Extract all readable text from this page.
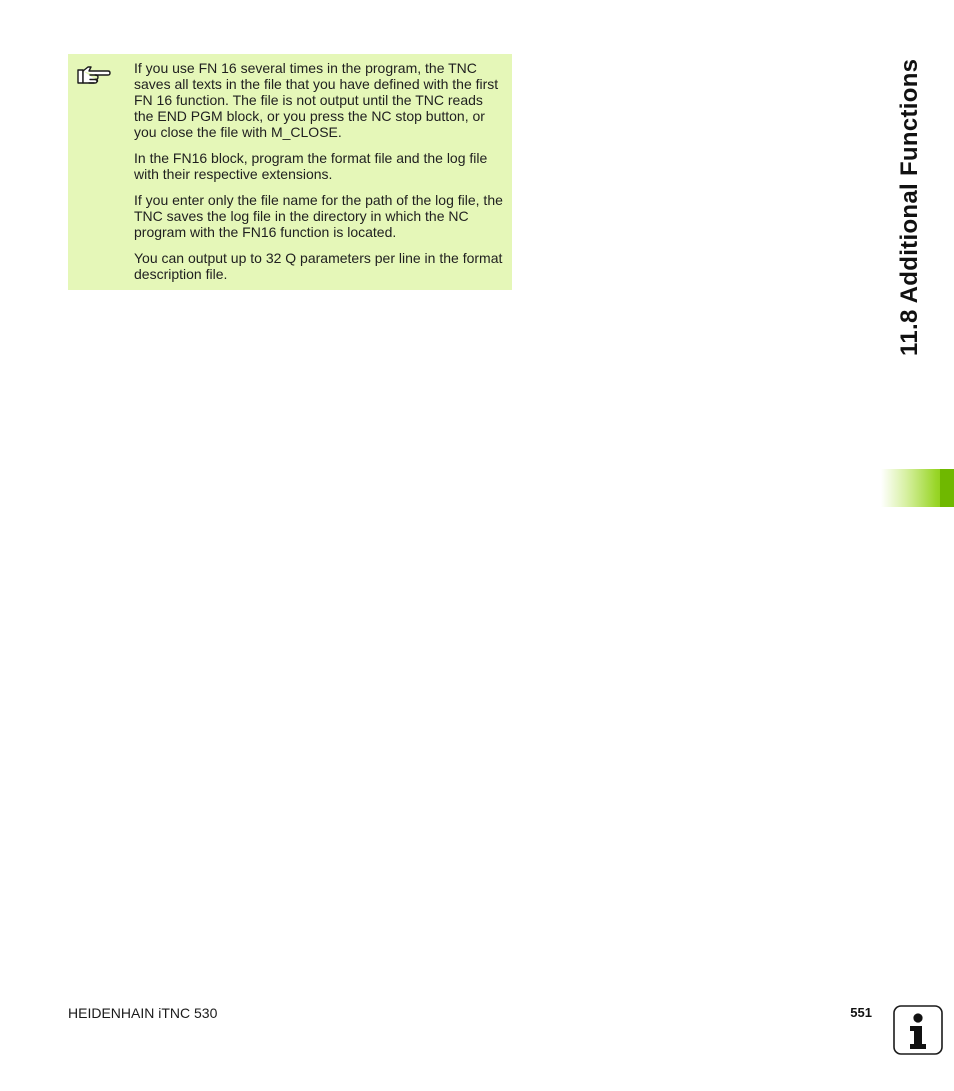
If you use FN 16 several times in the program, the TNC saves all texts in the file that you have defined with the first FN 16 function. The file is not output until the TNC reads the END PGM block, or you press the NC stop button, or you close the file with M_CLOSE.

In the FN16 block, program the format file and the log file with their respective extensions.

If you enter only the file name for the path of the log file, the TNC saves the log file in the directory in which the NC program with the FN16 function is located.

You can output up to 32 Q parameters per line in the format description file.	11.8 Additional Functions
HEIDENHAIN iTNC 530	551
